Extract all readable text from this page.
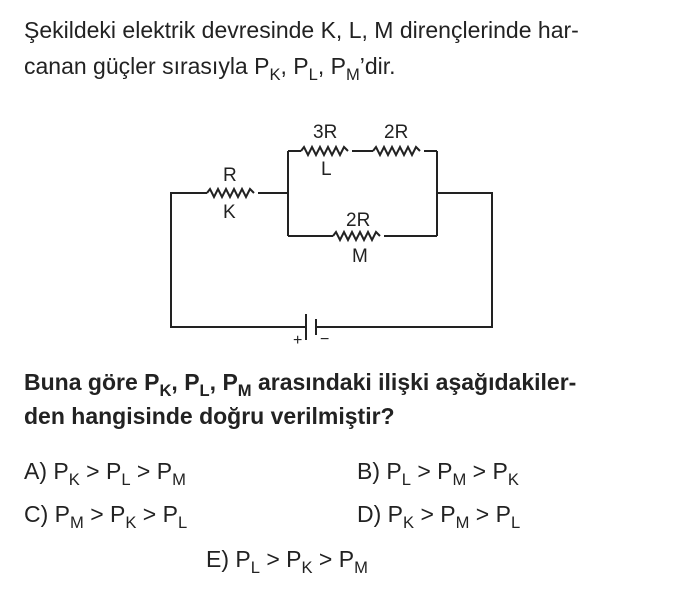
Şekildeki elektrik devresinde K, L, M dirençlerinde har-
canan güçler sırasıyla $P_K$, $P_L$, $P_M’dir$.
R
K
3R
L
2R
2R
M
+ −
Buna göre $P_K$, $P_L$, $P_M$ arasındaki ilişki aşağıdakiler-
den hangisinde doğru verilmiştir?
A) $P_K > P_L > P_M$	B) $P_L > P_M > P_K$
C) $P_M > P_K > P_L$	D) $P_K > P_M > P_L$
E) $P_L > P_K > P_M$
